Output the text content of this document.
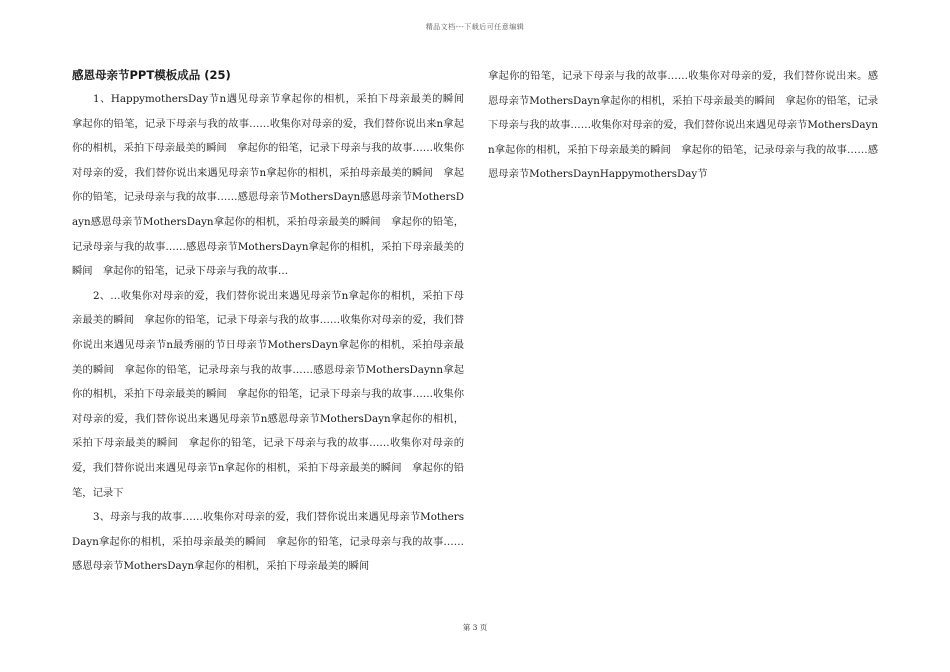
精品文档---下载后可任意编辑
感恩母亲节PPT模板成品 (25)

1、HappymothersDay节n遇见母亲节拿起你的相机，采拍下母亲最美的瞬间　拿起你的铅笔，记录下母亲与我的故事……收集你对母亲的爱，我们替你说出来n拿起你的相机，采拍下母亲最美的瞬间　拿起你的铅笔，记录下母亲与我的故事……收集你对母亲的爱，我们替你说出来遇见母亲节n拿起你的相机，采拍母亲最美的瞬间　拿起你的铅笔，记录母亲与我的故事……感恩母亲节MothersDayn感恩母亲节MothersDayn感恩母亲节MothersDayn拿起你的相机，采拍母亲最美的瞬间　拿起你的铅笔，记录母亲与我的故事……感恩母亲节MothersDayn拿起你的相机，采拍下母亲最美的瞬间　拿起你的铅笔，记录下母亲与我的故事…

2、…收集你对母亲的爱，我们替你说出来遇见母亲节n拿起你的相机，采拍下母亲最美的瞬间　拿起你的铅笔，记录下母亲与我的故事……收集你对母亲的爱，我们替你说出来遇见母亲节n最秀丽的节日母亲节MothersDayn拿起你的相机，采拍母亲最美的瞬间　拿起你的铅笔，记录母亲与我的故事……感恩母亲节MothersDaynn拿起你的相机，采拍下母亲最美的瞬间　拿起你的铅笔，记录下母亲与我的故事……收集你对母亲的爱，我们替你说出来遇见母亲节n感恩母亲节MothersDayn拿起你的相机，采拍下母亲最美的瞬间　拿起你的铅笔，记录下母亲与我的故事……收集你对母亲的爱，我们替你说出来遇见母亲节n拿起你的相机，采拍下母亲最美的瞬间　拿起你的铅笔，记录下

3、母亲与我的故事……收集你对母亲的爱，我们替你说出来遇见母亲节MothersDayn拿起你的相机，采拍母亲最美的瞬间　拿起你的铅笔，记录母亲与我的故事……感恩母亲节MothersDayn拿起你的相机，采拍下母亲最美的瞬间

拿起你的铅笔，记录下母亲与我的故事……收集你对母亲的爱，我们替你说出来。感恩母亲节MothersDayn拿起你的相机，采拍下母亲最美的瞬间　拿起你的铅笔，记录下母亲与我的故事……收集你对母亲的爱，我们替你说出来遇见母亲节MothersDaynn拿起你的相机，采拍下母亲最美的瞬间　拿起你的铅笔，记录母亲与我的故事……感恩母亲节MothersDaynHappymothersDay节

第 3 页
